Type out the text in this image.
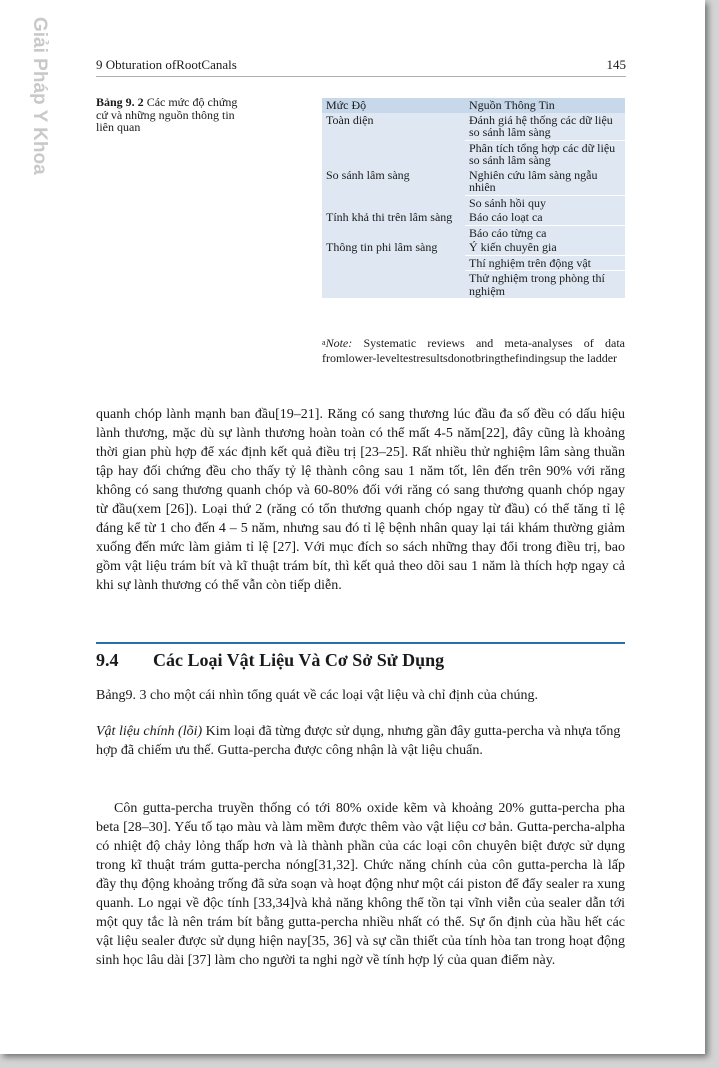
Giải Pháp Y Khoa	9 Obturation ofRootCanals	145
Bảng 9. 2 Các mức độ chứng cứ và những nguồn thông tin liên quan
Mức Độ	Nguồn Thông Tin
Toàn diện	Đánh giá hệ thống các dữ liệu so sánh lâm sàng
	Phân tích tổng hợp các dữ liệu so sánh lâm sàng
So sánh lâm sàng	Nghiên cứu lâm sàng ngẫu nhiên
	So sánh hồi quy
Tính khả thi trên lâm sàng	Báo cáo loạt ca
	Báo cáo từng ca
Thông tin phi lâm sàng	Ý kiến chuyên gia
	Thí nghiệm trên động vật
	Thử nghiệm trong phòng thí nghiệm
$^a$Note: Systematic reviews and meta-analyses of data fromlower-leveltestresultsdonotbringthefindingsup the ladder

quanh chóp lành mạnh ban đầu[19–21]. Răng có sang thương lúc đầu đa số đều có dấu hiệu lành thương, mặc dù sự lành thương hoàn toàn có thể mất 4-5 năm[22], đây cũng là khoảng thời gian phù hợp để xác định kết quả điều trị [23–25]. Rất nhiều thử nghiệm lâm sàng thuần tập hay đối chứng đều cho thấy tỷ lệ thành công sau 1 năm tốt, lên đến trên 90% với răng không có sang thương quanh chóp và 60-80% đối với răng có sang thương quanh chóp ngay từ đầu(xem [26]). Loại thứ 2 (răng có tổn thương quanh chóp ngay từ đầu) có thể tăng tỉ lệ đáng kể từ 1 cho đến 4 – 5 năm, nhưng sau đó tỉ lệ bệnh nhân quay lại tái khám thường giảm xuống đến mức làm giảm tỉ lệ [27]. Với mục đích so sách những thay đổi trong điều trị, bao gồm vật liệu trám bít và kĩ thuật trám bít, thì kết quả theo dõi sau 1 năm là thích hợp ngay cả khi sự lành thương có thể vẫn còn tiếp diễn.

9.4 Các Loại Vật Liệu Và Cơ Sở Sử Dụng

Bảng9. 3 cho một cái nhìn tổng quát về các loại vật liệu và chỉ định của chúng.

Vật liệu chính (lõi) Kim loại đã từng được sử dụng, nhưng gần đây gutta-percha và nhựa tổng hợp đã chiếm ưu thế. Gutta-percha được công nhận là vật liệu chuẩn.

Côn gutta-percha truyền thống có tới 80% oxide kẽm và khoảng 20% gutta-percha pha beta [28–30]. Yếu tố tạo màu và làm mềm được thêm vào vật liệu cơ bản. Gutta-percha-alpha có nhiệt độ chảy lỏng thấp hơn và là thành phần của các loại côn chuyên biệt được sử dụng trong kĩ thuật trám gutta-percha nóng[31,32]. Chức năng chính của côn gutta-percha là lấp đầy thụ động khoảng trống đã sửa soạn và hoạt động như một cái piston để đẩy sealer ra xung quanh. Lo ngại về độc tính [33,34]và khả năng không thể tồn tại vĩnh viễn của sealer dẫn tới một quy tắc là nên trám bít bằng gutta-percha nhiều nhất có thể. Sự ổn định của hầu hết các vật liệu sealer được sử dụng hiện nay[35, 36] và sự cần thiết của tính hòa tan trong hoạt động sinh học lâu dài [37] làm cho người ta nghi ngờ về tính hợp lý của quan điểm này.
